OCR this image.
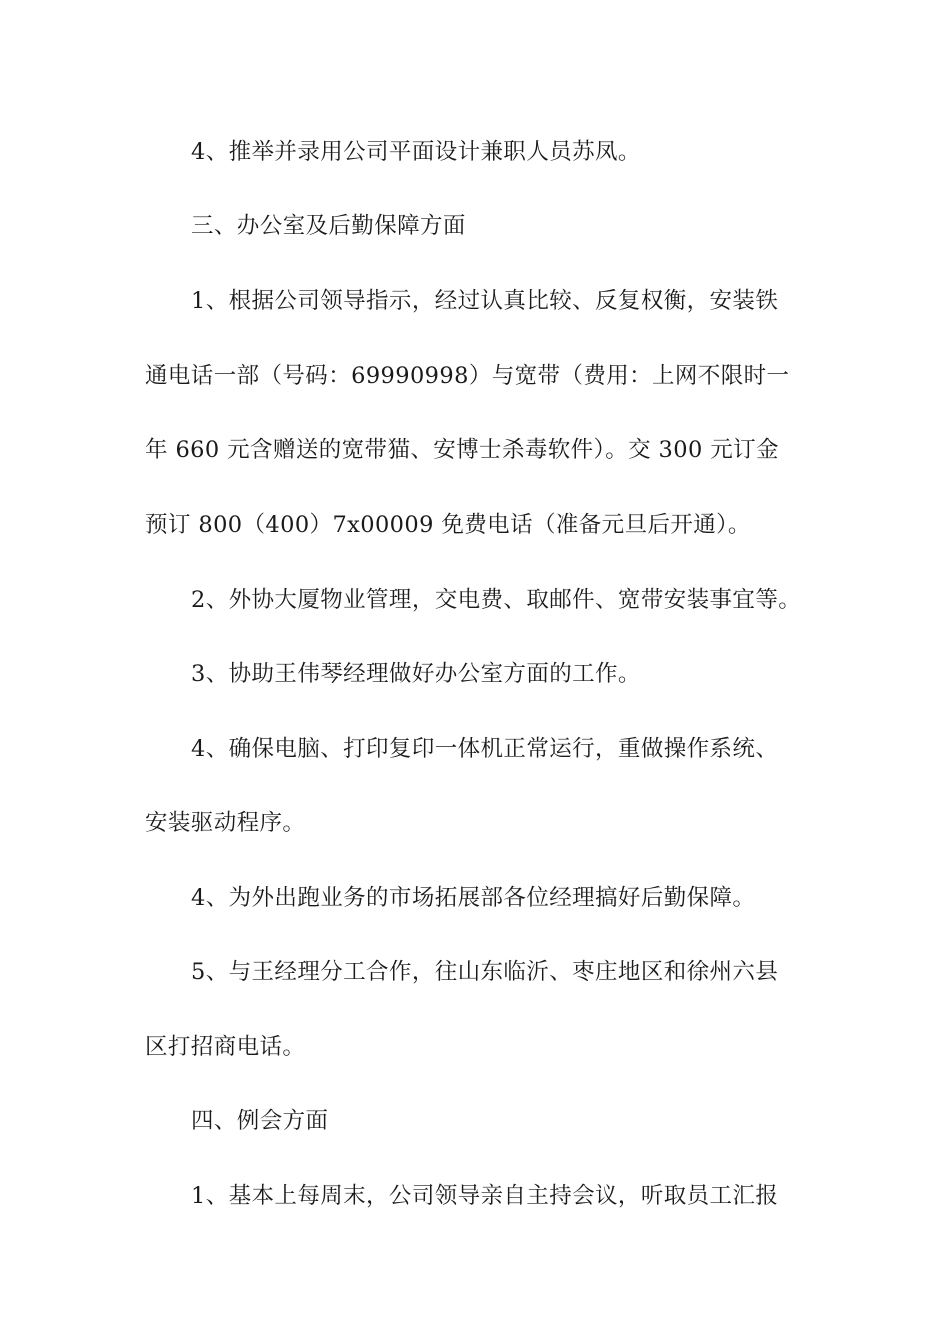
4、推举并录用公司平面设计兼职人员苏凤。
三、办公室及后勤保障方面
1、根据公司领导指示，经过认真比较、反复权衡，安装铁
通电话一部（号码：69990998）与宽带（费用：上网不限时一
年 660 元含赠送的宽带猫、安博士杀毒软件）。交 300 元订金
预订 800（400）7x00009 免费电话（准备元旦后开通）。
2、外协大厦物业管理，交电费、取邮件、宽带安装事宜等。
3、协助王伟琴经理做好办公室方面的工作。
4、确保电脑、打印复印一体机正常运行，重做操作系统、
安装驱动程序。
4、为外出跑业务的市场拓展部各位经理搞好后勤保障。
5、与王经理分工合作，往山东临沂、枣庄地区和徐州六县
区打招商电话。
四、例会方面
1、基本上每周末，公司领导亲自主持会议，听取员工汇报
